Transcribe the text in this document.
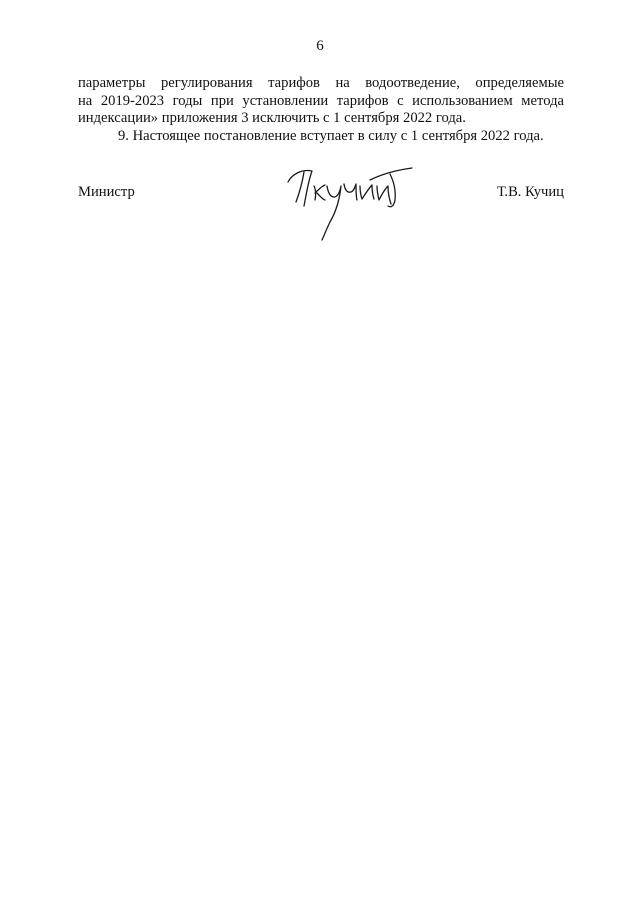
6

параметры регулирования тарифов на водоотведение, определяемые
на 2019-2023 годы при установлении тарифов с использованием метода
индексации» приложения 3 исключить с 1 сентября 2022 года.

9. Настоящее постановление вступает в силу с 1 сентября 2022 года.

Министр	Т.В. Кучиц
